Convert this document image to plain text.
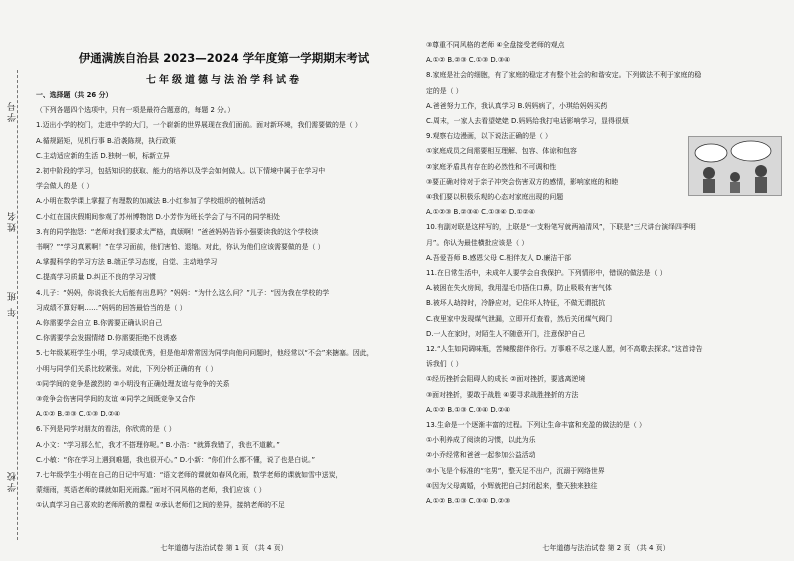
学号
姓名
年 班
学校
伊通满族自治县 2023—2024 学年度第一学期期末考试
七年级道德与法治学科试卷
一、选择题（共 26 分）
（下列各题四个选项中，只有一项是最符合题意的，每题 2 分。）
1.迈出小学的校门，走进中学的大门，一个崭新的世界展现在我们面前。面对新环境，我们需要做的是（ ）
A.循规蹈矩，见机行事 B.沿袭陈规，执行政策
C.主动适应新的生活 D.独树一帜，标新立异
2.初中阶段的学习，包括知识的获取、能力的培养以及学会如何做人。以下情境中属于在学习中
学会做人的是（ ）
A.小明在数学课上掌握了有理数的加减法 B.小红参加了学校组织的植树活动
C.小红在国庆假期间参观了苏州博物馆 D.小芳作为班长学会了与不同的同学相处
3.有的同学抱怨：“老师对我们要求太严格，真烦啊！”爸爸妈妈告诉小强要读我的这个学校读
书啊？”“学习真累啊！”在学习面前，他们害怕、退缩。对此，你认为他们应该需要做的是（ ）
A.掌握科学的学习方法 B.端正学习态度，自觉、主动地学习
C.提高学习质量 D.纠正不良的学习习惯
4.儿子：“妈妈，你说我长大后能有出息吗？”妈妈：“为什么这么问？”儿子：“因为我在学校的学
习成绩不算好啊……”妈妈的回答最恰当的是（ ）
A.你需要学会自立 B.你需要正确认识自己
C.你需要学会发掘情绪 D.你需要拒绝不良诱惑
5.七年级某班学生小明，学习成绩优秀，但是他却常常因为同学向他问问题时，他经常以“不会”来搪塞。因此，
小明与同学们关系比较紧张。对此，下列分析正确的有（ ）
①同学间的竞争是激烈的 ②小明没有正确处理友谊与竞争的关系
③竞争会伤害同学间的友谊 ④同学之间既竞争又合作
A.①② B.②③ C.①③ D.②④
6.下列是同学对朋友的看法，你欣赏的是（ ）
A.小文：“学习那么忙，我才不搭理你呢。” B.小浩：“就算我错了，我也不道歉。”
C.小敏：“你在学习上遇到难题，我也很开心。” D.小新：“你们什么都不懂，说了也是白说。”
7.七年级学生小明在自己的日记中写道：“语文老师的课就如春风化雨，数学老师的课就如雪中送炭，
蒙细雨，英语老师的课就如阳光雨露。”面对不同风格的老师，我们应该（ ）
①认真学习自己喜欢的老师所教的课程 ②承认老师们之间的差异，接纳老师的不足
七年道德与法治试卷 第 1 页 （共 4 页）
③尊重不同风格的老师 ④全盘接受老师的观点
A.①② B.②③ C.①③ D.③④
8.家庭是社会的细胞，有了家庭的稳定才有整个社会的和谐安定。下列做法不利于家庭的稳
定的是（ ）
A.爸爸努力工作，我认真学习 B.妈妈病了，小琪给妈妈买药
C.周末，一家人去看望姥姥 D.妈妈给我打电话影响学习，显得很烦
9.观察右边漫画，以下说法正确的是（ ）
①家庭成员之间需要相互理解、包容、体谅和包容
②家庭矛盾具有存在的必然性和不可调和性
③要正确对待对于亲子冲突会伤害双方的感情，影响家庭的和睦
④我们要以积极乐观的心态对家庭出现的问题
A.①②③ B.②③④ C.①③④ D.①②④
10.有副对联是这样写的，上联是“一支粉笔写就两袖清风”，下联是“三尺讲台演绎四季明
月”。你认为最佳横批应该是（ ）
A.吾爱吾师 B.感恩父母 C.相伴友人 D.廉洁干部
11.在日常生活中，未成年人要学会自我保护。下列情形中，错误的做法是（ ）
A.被困在失火房间，我用湿毛巾捂住口鼻，防止吸吸有害气体
B.被坏人劫持时，冷静应对，记住坏人特征，不做无谓抵抗
C.夜里家中发现煤气泄漏，立即开灯查看，然后关闭煤气阀门
D.一人在家时，对陌生人不随意开门，注意保护自己
12.“人生如同调味瓶，苦辣酸甜伴你行。万事难不尽之遂人愿，何不高歌去探求。”这首诗告
诉我们（ ）
①经历挫折会阻碍人的成长 ②面对挫折，要逃离逆境
③面对挫折，要敢于战胜 ④要寻求战胜挫折的方法
A.①② B.①③ C.③④ D.②④
13.生命是一个逐渐丰富的过程。下列让生命丰富和充盈的做法的是（ ）
①小利养成了阅读的习惯，以此为乐
②小乔经常和爸爸一起参加公益活动
③小飞是个标准的“宅男”，整天足不出户，沉溺于网络世界
④因为父母离婚，小辉就把自己封闭起来，整天独来独往
A.①② B.①③ C.③④ D.②③
七年道德与法治试卷 第 2 页 （共 4 页）
